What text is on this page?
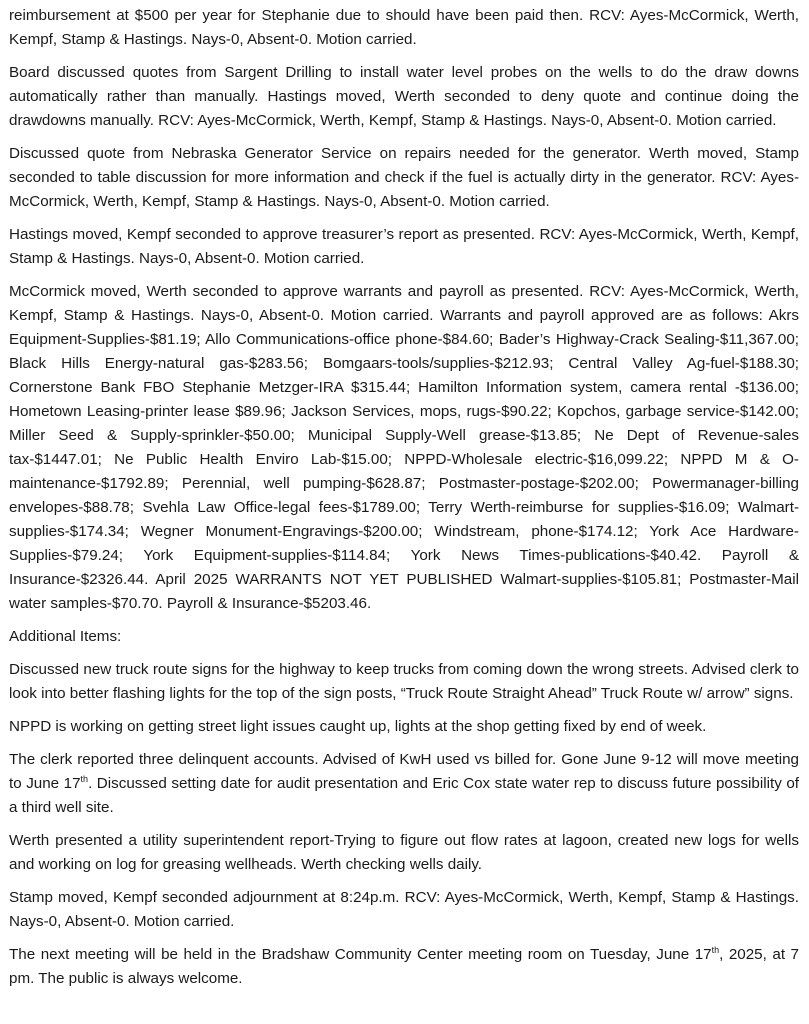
reimbursement at $500 per year for Stephanie due to should have been paid then. RCV: Ayes-McCormick, Werth, Kempf, Stamp & Hastings. Nays-0, Absent-0. Motion carried.

Board discussed quotes from Sargent Drilling to install water level probes on the wells to do the draw downs automatically rather than manually. Hastings moved, Werth seconded to deny quote and continue doing the drawdowns manually. RCV: Ayes-McCormick, Werth, Kempf, Stamp & Hastings. Nays-0, Absent-0. Motion carried.

Discussed quote from Nebraska Generator Service on repairs needed for the generator. Werth moved, Stamp seconded to table discussion for more information and check if the fuel is actually dirty in the generator. RCV: Ayes-McCormick, Werth, Kempf, Stamp & Hastings. Nays-0, Absent-0. Motion carried.

Hastings moved, Kempf seconded to approve treasurer’s report as presented. RCV: Ayes-McCormick, Werth, Kempf, Stamp & Hastings. Nays-0, Absent-0. Motion carried.

McCormick moved, Werth seconded to approve warrants and payroll as presented. RCV: Ayes-McCormick, Werth, Kempf, Stamp & Hastings. Nays-0, Absent-0. Motion carried. Warrants and payroll approved are as follows: Akrs Equipment-Supplies-$81.19; Allo Communications-office phone-$84.60; Bader’s Highway-Crack Sealing-$11,367.00; Black Hills Energy-natural gas-$283.56; Bomgaars-tools/supplies-$212.93; Central Valley Ag-fuel-$188.30; Cornerstone Bank FBO Stephanie Metzger-IRA $315.44; Hamilton Information system, camera rental -$136.00; Hometown Leasing-printer lease $89.96; Jackson Services, mops, rugs-$90.22; Kopchos, garbage service-$142.00; Miller Seed & Supply-sprinkler-$50.00; Municipal Supply-Well grease-$13.85; Ne Dept of Revenue-sales tax-$1447.01; Ne Public Health Enviro Lab-$15.00; NPPD-Wholesale electric-$16,099.22; NPPD M & O-maintenance-$1792.89; Perennial, well pumping-$628.87; Postmaster-postage-$202.00; Powermanager-billing envelopes-$88.78; Svehla Law Office-legal fees-$1789.00; Terry Werth-reimburse for supplies-$16.09; Walmart-supplies-$174.34; Wegner Monument-Engravings-$200.00; Windstream, phone-$174.12; York Ace Hardware-Supplies-$79.24; York Equipment-supplies-$114.84; York News Times-publications-$40.42. Payroll & Insurance-$2326.44. April 2025 WARRANTS NOT YET PUBLISHED Walmart-supplies-$105.81; Postmaster-Mail water samples-$70.70. Payroll & Insurance-$5203.46.

Additional Items:

Discussed new truck route signs for the highway to keep trucks from coming down the wrong streets. Advised clerk to look into better flashing lights for the top of the sign posts, “Truck Route Straight Ahead” Truck Route w/ arrow” signs.

NPPD is working on getting street light issues caught up, lights at the shop getting fixed by end of week.

The clerk reported three delinquent accounts. Advised of KwH used vs billed for. Gone June 9-12 will move meeting to June 17th. Discussed setting date for audit presentation and Eric Cox state water rep to discuss future possibility of a third well site.

Werth presented a utility superintendent report-Trying to figure out flow rates at lagoon, created new logs for wells and working on log for greasing wellheads. Werth checking wells daily.

Stamp moved, Kempf seconded adjournment at 8:24p.m. RCV: Ayes-McCormick, Werth, Kempf, Stamp & Hastings. Nays-0, Absent-0. Motion carried.

The next meeting will be held in the Bradshaw Community Center meeting room on Tuesday, June 17th, 2025, at 7 pm. The public is always welcome.
